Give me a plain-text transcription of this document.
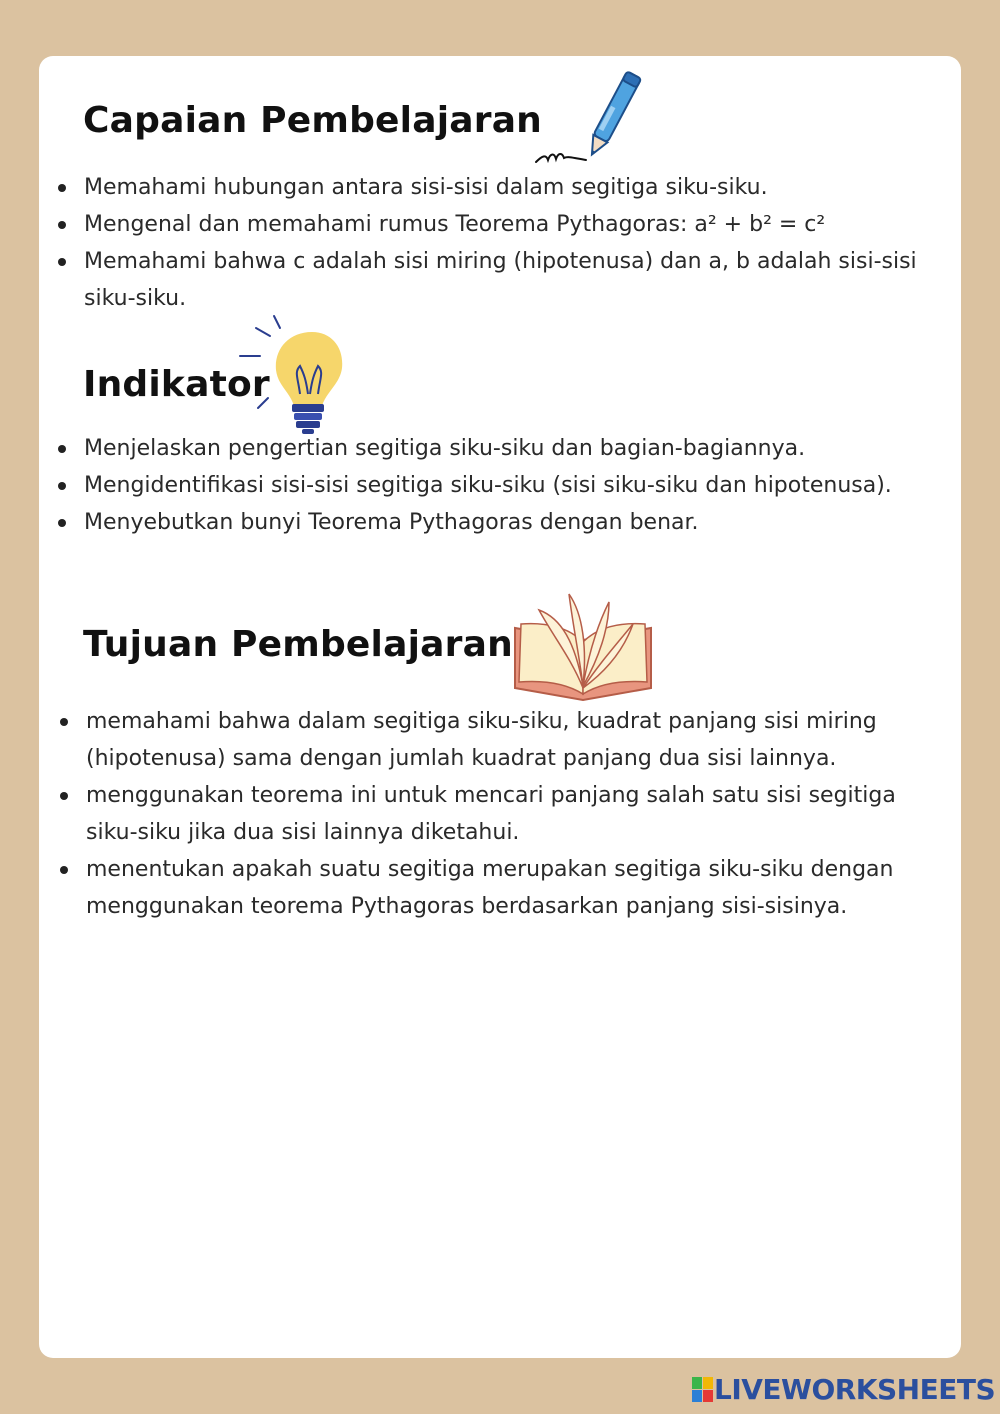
Capaian Pembelajaran
Memahami hubungan antara sisi-sisi dalam segitiga siku-siku.
Mengenal dan memahami rumus Teorema Pythagoras: a² + b² = c²
Memahami bahwa c adalah sisi miring (hipotenusa) dan a, b adalah sisi-sisi siku-siku.
Indikator
Menjelaskan pengertian segitiga siku-siku dan bagian-bagiannya.
Mengidentifikasi sisi-sisi segitiga siku-siku (sisi siku-siku dan hipotenusa).
Menyebutkan bunyi Teorema Pythagoras dengan benar.
Tujuan Pembelajaran
memahami bahwa dalam segitiga siku-siku, kuadrat panjang sisi miring (hipotenusa) sama dengan jumlah kuadrat panjang dua sisi lainnya.
menggunakan teorema ini untuk mencari panjang salah satu sisi segitiga siku-siku jika dua sisi lainnya diketahui.
menentukan apakah suatu segitiga merupakan segitiga siku-siku dengan menggunakan teorema Pythagoras berdasarkan panjang sisi-sisinya.
LIVEWORKSHEETS
